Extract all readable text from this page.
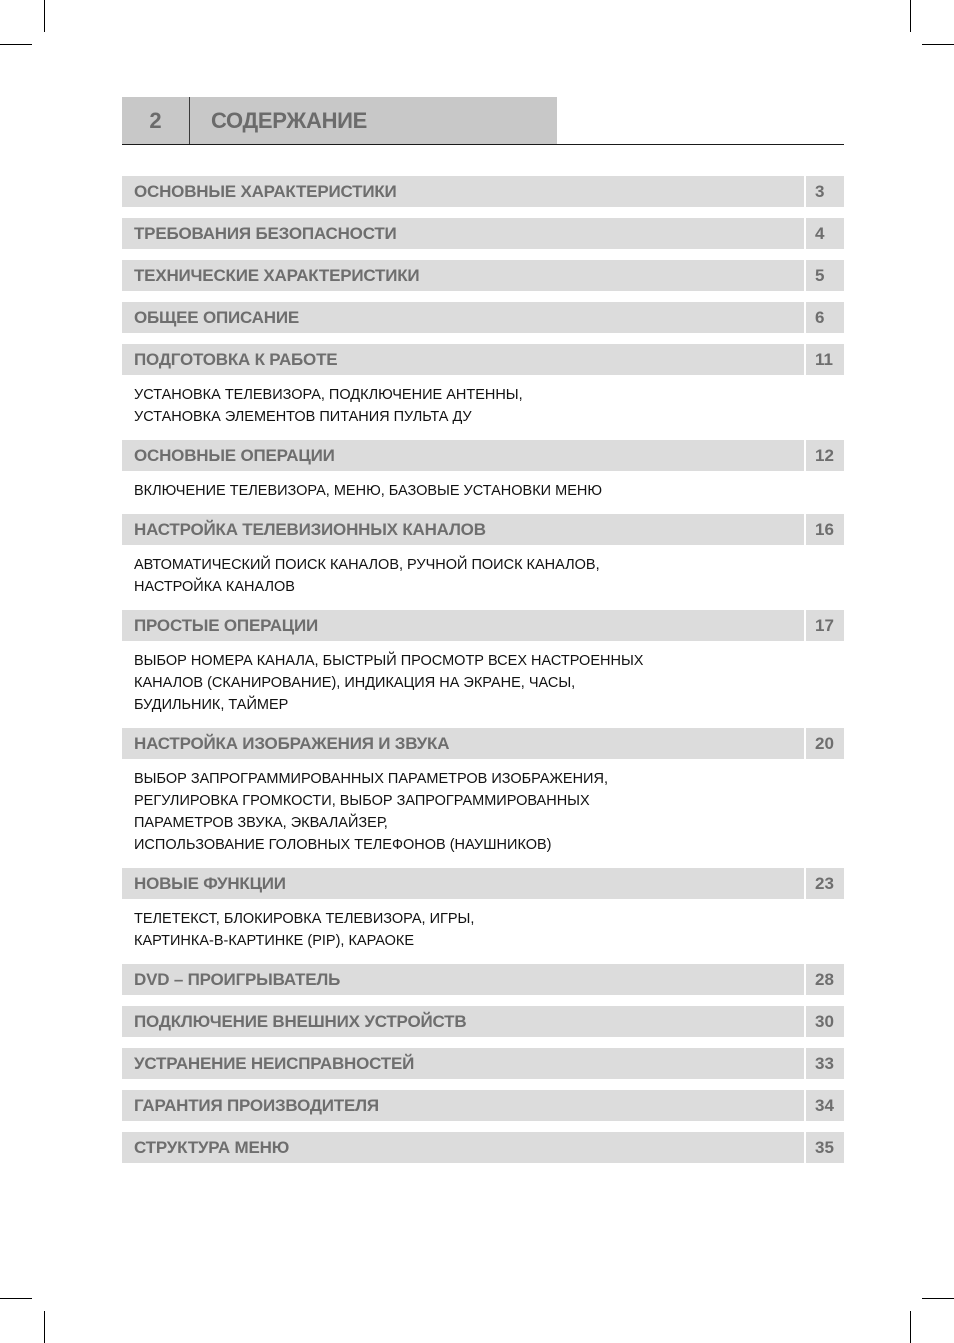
2	СОДЕРЖАНИЕ
ОСНОВНЫЕ ХАРАКТЕРИСТИКИ	3
ТРЕБОВАНИЯ БЕЗОПАСНОСТИ	4
ТЕХНИЧЕСКИЕ ХАРАКТЕРИСТИКИ	5
ОБЩЕЕ ОПИСАНИЕ	6
ПОДГОТОВКА К РАБОТЕ	11
УСТАНОВКА ТЕЛЕВИЗОРА, ПОДКЛЮЧЕНИЕ АНТЕННЫ,
УСТАНОВКА ЭЛЕМЕНТОВ ПИТАНИЯ ПУЛЬТА ДУ
ОСНОВНЫЕ ОПЕРАЦИИ	12
ВКЛЮЧЕНИЕ ТЕЛЕВИЗОРА, МЕНЮ, БАЗОВЫЕ УСТАНОВКИ МЕНЮ
НАСТРОЙКА ТЕЛЕВИЗИОННЫХ КАНАЛОВ	16
АВТОМАТИЧЕСКИЙ ПОИСК КАНАЛОВ, РУЧНОЙ ПОИСК КАНАЛОВ,
НАСТРОЙКА КАНАЛОВ
ПРОСТЫЕ ОПЕРАЦИИ	17
ВЫБОР НОМЕРА КАНАЛА, БЫСТРЫЙ ПРОСМОТР ВСЕХ НАСТРОЕННЫХ
КАНАЛОВ (СКАНИРОВАНИЕ), ИНДИКАЦИЯ НА ЭКРАНЕ, ЧАСЫ,
БУДИЛЬНИК, ТАЙМЕР
НАСТРОЙКА ИЗОБРАЖЕНИЯ И ЗВУКА	20
ВЫБОР ЗАПРОГРАММИРОВАННЫХ ПАРАМЕТРОВ ИЗОБРАЖЕНИЯ,
РЕГУЛИРОВКА ГРОМКОСТИ, ВЫБОР ЗАПРОГРАММИРОВАННЫХ
ПАРАМЕТРОВ ЗВУКА, ЭКВАЛАЙЗЕР,
ИСПОЛЬЗОВАНИЕ ГОЛОВНЫХ ТЕЛЕФОНОВ (НАУШНИКОВ)
НОВЫЕ ФУНКЦИИ	23
ТЕЛЕТЕКСТ, БЛОКИРОВКА ТЕЛЕВИЗОРА, ИГРЫ,
КАРТИНКА-В-КАРТИНКЕ (PIP), КАРАОКЕ
DVD – ПРОИГРЫВАТЕЛЬ	28
ПОДКЛЮЧЕНИЕ ВНЕШНИХ УСТРОЙСТВ	30
УСТРАНЕНИЕ НЕИСПРАВНОСТЕЙ	33
ГАРАНТИЯ ПРОИЗВОДИТЕЛЯ	34
СТРУКТУРА МЕНЮ	35
